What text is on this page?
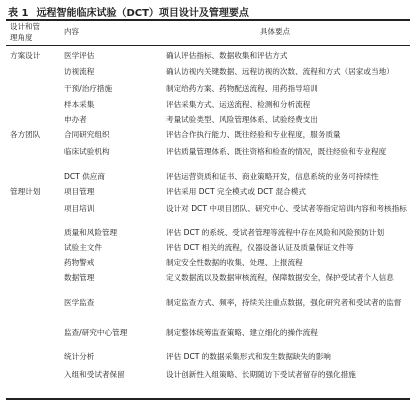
表 1 远程智能临床试验（DCT）项目设计及管理要点
设计和管
理角度
内容	具体要点
方案设计	医学评估	确认评估指标、数据收集和评估方式
访视流程	确认访视内关键数据、远程访视的次数、流程和方式（居家或当地）
干预/治疗措施	制定给药方案、药物配送流程、用药指导培训
样本采集	评估采集方式、运送流程、检测和分析流程
申办者	考量试验类型、风险管理体系、试验经费支出
各方团队	合同研究组织	评估合作执行能力、既往经验和专业程度，服务质量
临床试验机构	评估质量管理体系、既往资格和检查的情况，既往经验和专业程度
DCT 供应商	评估运营资质和证书、商业策略开发，信息系统的业务可持续性
管理计划	项目管理	评估采用 DCT 完全模式或 DCT 混合模式
项目培训	设计对 DCT 中项目团队、研究中心、受试者等指定培训内容和考核指标
质量和风险管理	评估 DCT 的系统、受试者管理等流程中存在风险和风险预防计划
试验主文件	评估 DCT 相关的流程，仪器设备认证及质量保证文件等
药物警戒	制定安全性数据的收集、处理、上报流程
数据管理	定义数据流以及数据审核流程，保障数据安全，保护受试者个人信息
医学监查	制定监查方式、频率，持续关注重点数据，强化研究者和受试者的监督
监查/研究中心管理	制定整体统筹监查策略、建立细化的操作流程
统计分析	评估 DCT 的数据采集形式和发生数据缺失的影响
入组和受试者保留	设计创新性入组策略、长期随访下受试者留存的强化措施
